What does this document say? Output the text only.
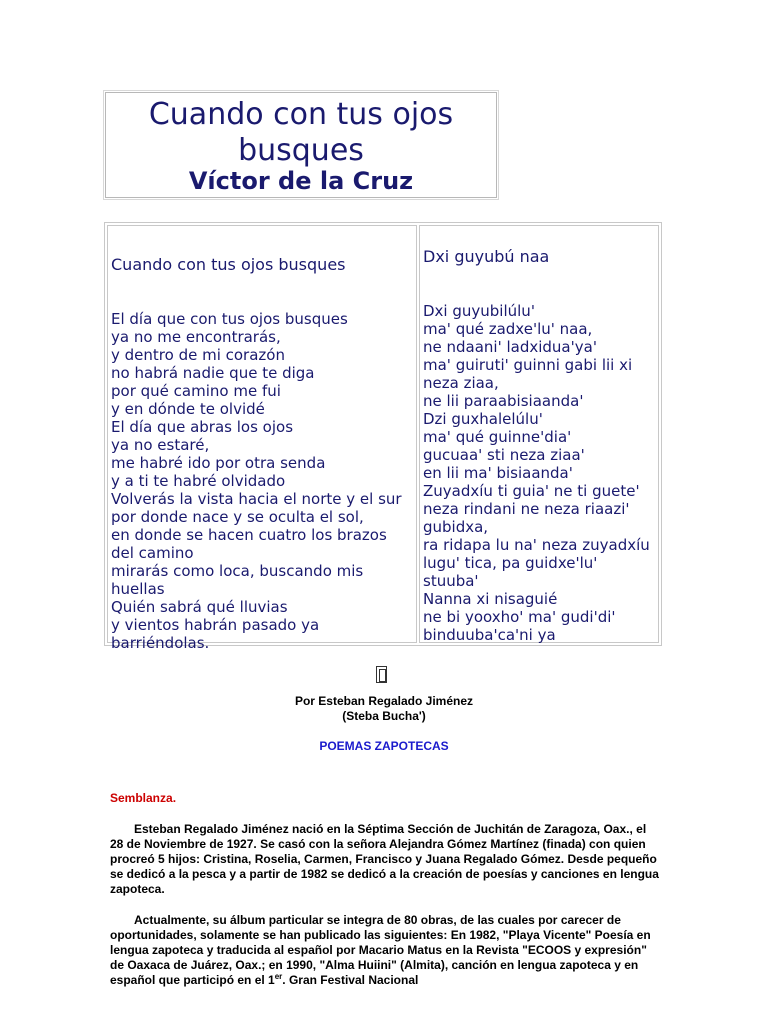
Cuando con tus ojos busques
Víctor de la Cruz

Cuando con tus ojos busques

El día que con tus ojos busques
ya no me encontrarás,
y dentro de mi corazón
no habrá nadie que te diga
por qué camino me fui
y en dónde te olvidé
El día que abras los ojos
ya no estaré,
me habré ido por otra senda
y a ti te habré olvidado
Volverás la vista hacia el norte y el sur
por donde nace y se oculta el sol,
en donde se hacen cuatro los brazos del camino
mirarás como loca, buscando mis huellas
Quién sabrá qué lluvias
y vientos habrán pasado ya barriéndolas.

Dxi guyubú naa

Dxi guyubilúlu'
ma' qué zadxe'lu' naa,
ne ndaani' ladxidua'ya'
ma' guiruti' guinni gabi lii xi neza ziaa,
ne lii paraabisiaanda'
Dzi guxhalelúlu'
ma' qué guinne'dia'
gucuaa' sti neza ziaa'
en lii ma' bisiaanda'
Zuyadxíu ti guia' ne ti guete'
neza rindani ne neza riaazi' gubidxa,
ra ridapa lu na' neza zuyadxíu
lugu' tica, pa guidxe'lu' stuuba'
Nanna xi nisaguié
ne bi yooxho' ma' gudi'di' binduuba'ca'ni ya

Por Esteban Regalado Jiménez
(Steba Bucha')
POEMAS ZAPOTECAS
Semblanza.

Esteban Regalado Jiménez nació en la Séptima Sección de Juchitán de Zaragoza, Oax., el 28 de Noviembre de 1927. Se casó con la señora Alejandra Gómez Martínez (finada) con quien procreó 5 hijos: Cristina, Roselia, Carmen, Francisco y Juana Regalado Gómez. Desde pequeño se dedicó a la pesca y a partir de 1982 se dedicó a la creación de poesías y canciones en lengua zapoteca.

Actualmente, su álbum particular se integra de 80 obras, de las cuales por carecer de oportunidades, solamente se han publicado las siguientes: En 1982, "Playa Vicente" Poesía en lengua zapoteca y traducida al español por Macario Matus en la Revista "ECOOS y expresión" de Oaxaca de Juárez, Oax.; en 1990, "Alma Huiini" (Almita), canción en lengua zapoteca y en español que participó en el 1er. Gran Festival Nacional
